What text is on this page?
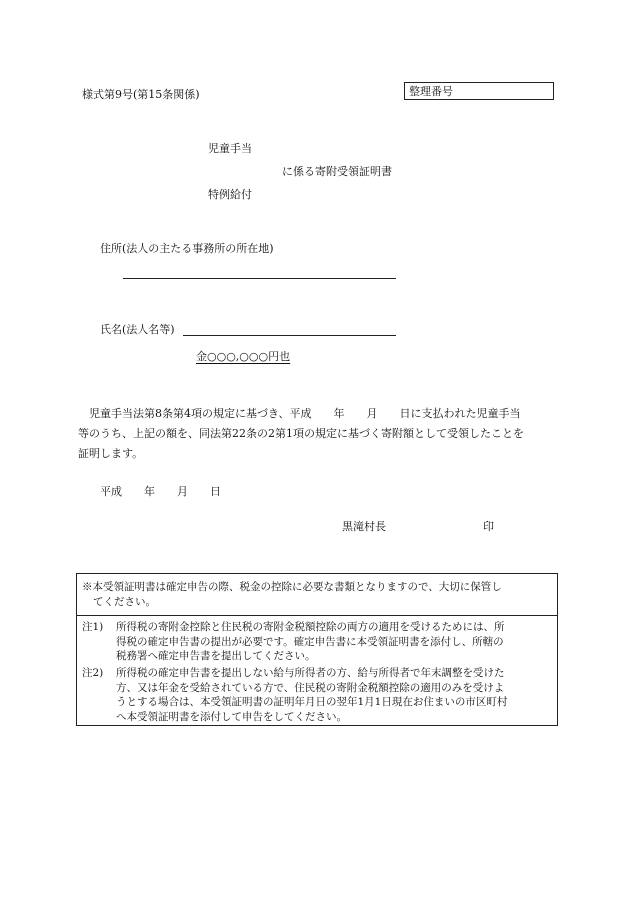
様式第9号(第15条関係)	整理番号
児童手当
に係る寄附受領証明書
特例給付
住所(法人の主たる事務所の所在地)
氏名(法人名等)
金○○○,○○○円也
児童手当法第8条第4項の規定に基づき、平成　　年　　月　　日に支払われた児童手当
等のうち、上記の額を、同法第22条の2第1項の規定に基づく寄附額として受領したことを
証明します。
平成　　年　　月　　日
黒滝村長	印
※本受領証明書は確定申告の際、税金の控除に必要な書類となりますので、大切に保管し
てください。
注1) 所得税の寄附金控除と住民税の寄附金税額控除の両方の適用を受けるためには、所
得税の確定申告書の提出が必要です。確定申告書に本受領証明書を添付し、所轄の
税務署へ確定申告書を提出してください。
注2) 所得税の確定申告書を提出しない給与所得者の方、給与所得者で年末調整を受けた
方、又は年金を受給されている方で、住民税の寄附金税額控除の適用のみを受けよ
うとする場合は、本受領証明書の証明年月日の翌年1月1日現在お住まいの市区町村
へ本受領証明書を添付して申告をしてください。
